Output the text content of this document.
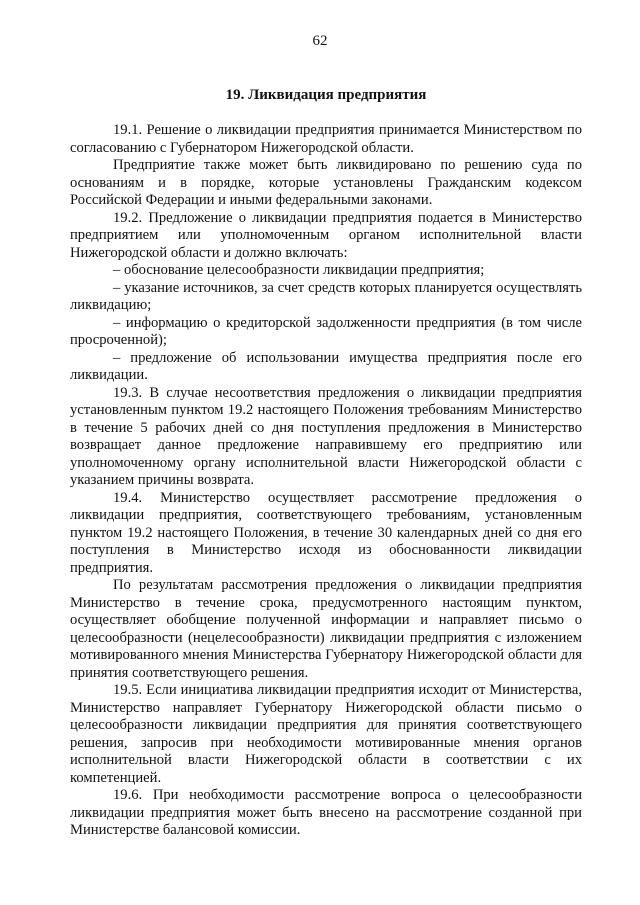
62
19. Ликвидация предприятия

19.1. Решение о ликвидации предприятия принимается Министерством по согласованию с Губернатором Нижегородской области.

Предприятие также может быть ликвидировано по решению суда по основаниям и в порядке, которые установлены Гражданским кодексом Российской Федерации и иными федеральными законами.

19.2. Предложение о ликвидации предприятия подается в Министерство предприятием или уполномоченным органом исполнительной власти Нижегородской области и должно включать:

– обоснование целесообразности ликвидации предприятия;

– указание источников, за счет средств которых планируется осуществлять ликвидацию;

– информацию о кредиторской задолженности предприятия (в том числе просроченной);

– предложение об использовании имущества предприятия после его ликвидации.

19.3. В случае несоответствия предложения о ликвидации предприятия установленным пунктом 19.2 настоящего Положения требованиям Министерство в течение 5 рабочих дней со дня поступления предложения в Министерство возвращает данное предложение направившему его предприятию или уполномоченному органу исполнительной власти Нижегородской области с указанием причины возврата.

19.4. Министерство осуществляет рассмотрение предложения о ликвидации предприятия, соответствующего требованиям, установленным пунктом 19.2 настоящего Положения, в течение 30 календарных дней со дня его поступления в Министерство исходя из обоснованности ликвидации предприятия.

По результатам рассмотрения предложения о ликвидации предприятия Министерство в течение срока, предусмотренного настоящим пунктом, осуществляет обобщение полученной информации и направляет письмо о целесообразности (нецелесообразности) ликвидации предприятия с изложением мотивированного мнения Министерства Губернатору Нижегородской области для принятия соответствующего решения.

19.5. Если инициатива ликвидации предприятия исходит от Министерства, Министерство направляет Губернатору Нижегородской области письмо о целесообразности ликвидации предприятия для принятия соответствующего решения, запросив при необходимости мотивированные мнения органов исполнительной власти Нижегородской области в соответствии с их компетенцией.

19.6. При необходимости рассмотрение вопроса о целесообразности ликвидации предприятия может быть внесено на рассмотрение созданной при Министерстве балансовой комиссии.
